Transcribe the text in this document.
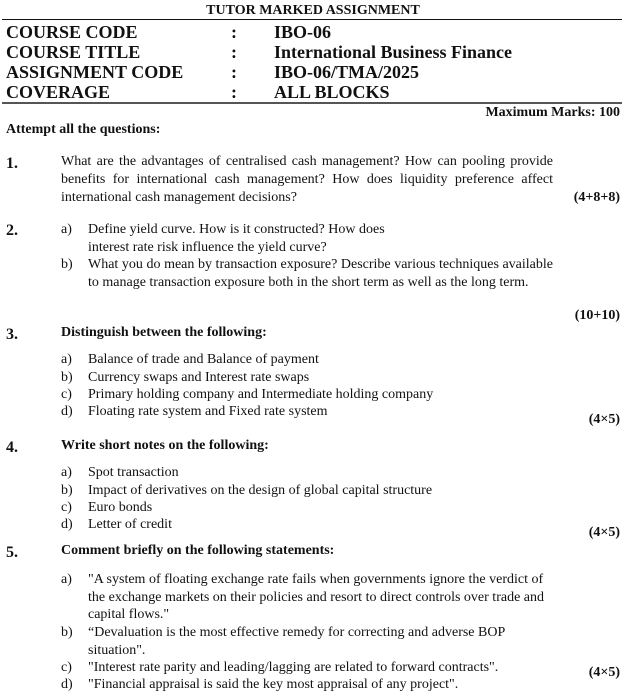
TUTOR MARKED ASSIGNMENT
COURSE CODE	: IBO-06
COURSE TITLE	: International Business Finance
ASSIGNMENT CODE	: IBO-06/TMA/2025
COVERAGE	: ALL BLOCKS
Maximum Marks: 100
Attempt all the questions:
1.	What are the advantages of centralised cash management? How can pooling provide benefits for international cash management? How does liquidity preference affect international cash management decisions?	(4+8+8)
2.	a) Define yield curve. How is it constructed? How does interest rate risk influence the yield curve?
b) What you do mean by transaction exposure? Describe various techniques available to manage transaction exposure both in the short term as well as the long term.
(10+10)
3.	Distinguish between the following:
a) Balance of trade and Balance of payment
b) Currency swaps and Interest rate swaps
c) Primary holding company and Intermediate holding company
d) Floating rate system and Fixed rate system
(4×5)
4.	Write short notes on the following:
a) Spot transaction
b) Impact of derivatives on the design of global capital structure
c) Euro bonds
d) Letter of credit
(4×5)
5.	Comment briefly on the following statements:
a) "A system of floating exchange rate fails when governments ignore the verdict of the exchange markets on their policies and resort to direct controls over trade and capital flows."
b) “Devaluation is the most effective remedy for correcting and adverse BOP situation".
c) "Interest rate parity and leading/lagging are related to forward contracts".
d) "Financial appraisal is said the key most appraisal of any project".
(4×5)
